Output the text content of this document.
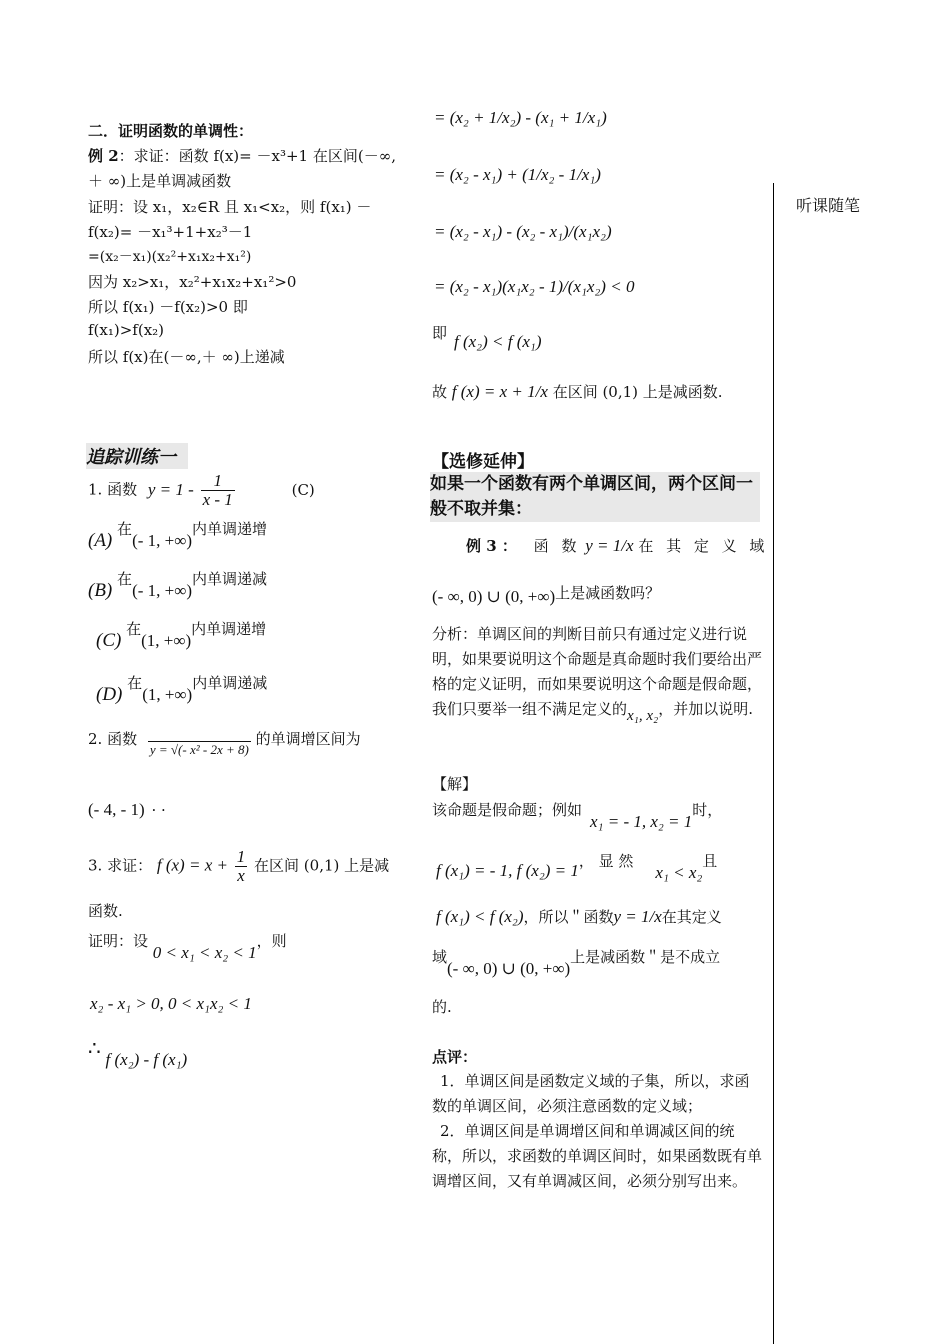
听课随笔
二．证明函数的单调性：
例 2：求证：函数 f(x)= －x³+1 在区间(－∞,
＋ ∞)上是单调减函数
证明：设 x₁，x₂∈R 且 x₁<x₂，则 f(x₁) －
f(x₂)= －x₁³+1+x₂³－1
=(x₂－x₁)(x₂²+x₁x₂+x₁²)
因为 x₂>x₁，x₂²+x₁x₂+x₁²>0
所以 f(x₁) －f(x₂)>0 即
f(x₁)>f(x₂)
所以 f(x)在(－∞,＋ ∞)上递减
追踪训练一
1. 函数 $y = 1 - \frac{1}{x - 1}$	(C)
(A) 在(- 1, +∞)内单调递增
(B) 在(- 1, +∞)内单调递减
(C) 在(1, +∞)内单调递增
(D) 在(1, +∞)内单调递减
2. 函数 y = √(- x² - 2x + 8) 的单调增区间为
(- 4, - 1) · ·
3. 求证： f $(x) = x + \frac{1}{x}$ 在区间 (0,1) 上是减
函数.
证明：设 0 < x₁ < x₂ < 1，则
x₂ - x₁ > 0, 0 < x₁x₂ < 1
∴ f (x₂) - f (x₁)
= (x₂ + 1/x₂) - (x₁ + 1/x₁)
= (x₂ - x₁) + (1/x₂ - 1/x₁)
= (x₂ - x₁) - (x₂ - x₁)/(x₁x₂)
= (x₂ - x₁)(x₁x₂ - 1)/(x₁x₂) < 0
即 f (x₂) < f (x₁)
故 f (x) = x + 1/x 在区间 (0,1) 上是减函数.
【选修延伸】
如果一个函数有两个单调区间，两个区间一般不取并集：
例 3 ： 函 数 y = 1/x 在 其 定 义 域
(- ∞, 0) ∪ (0, +∞)上是减函数吗？
分析：单调区间的判断目前只有通过定义进行说明，如果要说明这个命题是真命题时我们要给出严格的定义证明，而如果要说明这个命题是假命题，我们只要举一组不满足定义的x₁, x₂，并加以说明.
【解】
该命题是假命题；例如x₁ = - 1, x₂ = 1时，
f (x₁) = - 1, f (x₂) = 1， 显 然x₁ < x₂且
f (x₁) < f (x₂)，所以＂函数y = 1/x在其定义
域(- ∞, 0) ∪ (0, +∞)上是减函数＂是不成立
的.
点评：
1．单调区间是函数定义域的子集，所以，求函数的单调区间，必须注意函数的定义域；
2．单调区间是单调增区间和单调减区间的统称，所以，求函数的单调区间时，如果函数既有单调增区间，又有单调减区间，必须分别写出来。
